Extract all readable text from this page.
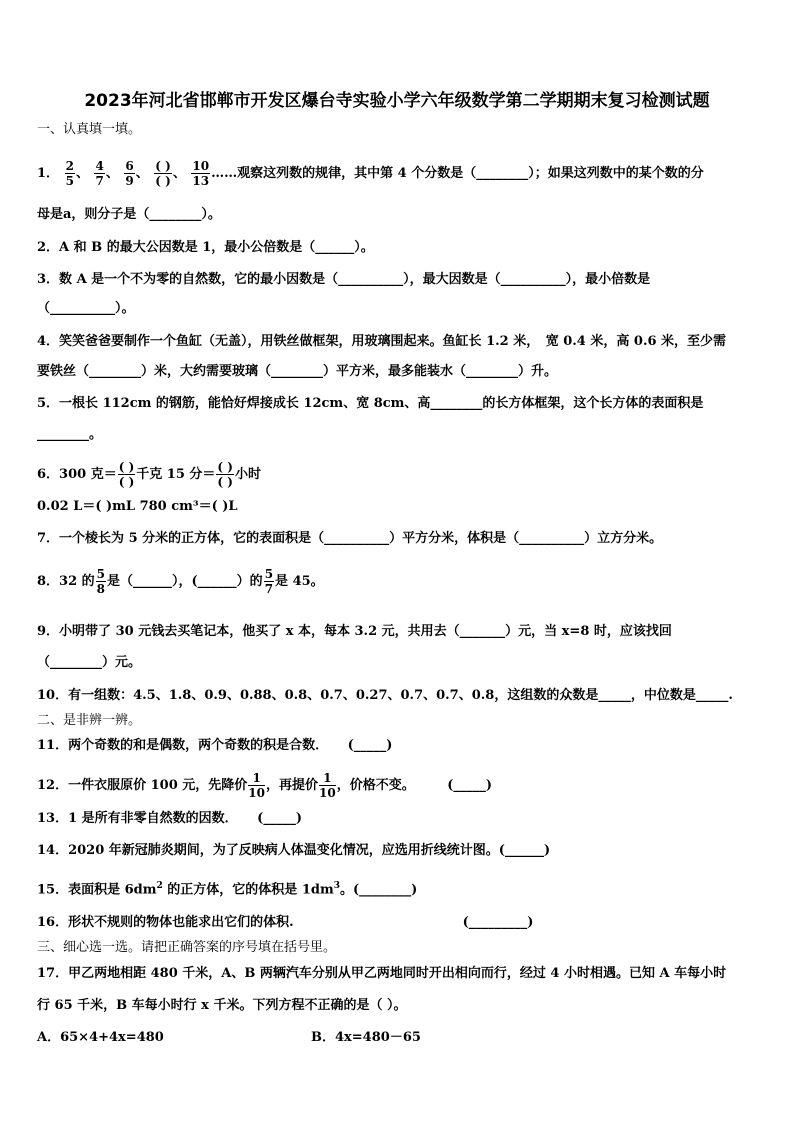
2023年河北省邯郸市开发区爆台寺实验小学六年级数学第二学期期末复习检测试题
一、认真填一填。
1． $\frac{2}{5}$ 、 $\frac{4}{7}$ 、 $\frac{6}{9}$ 、 $\frac{( )}{( )}$ 、 $\frac{10}{13}$ ……观察这列数的规律，其中第 4 个分数是（________）；如果这列数中的某个数的分
母是a，则分子是（________）。
2．A 和 B 的最大公因数是 1，最小公倍数是（______）。
3．数 A 是一个不为零的自然数，它的最小因数是（__________），最大因数是（__________），最小倍数是
（__________）。
4．笑笑爸爸要制作一个鱼缸（无盖），用铁丝做框架，用玻璃围起来。鱼缸长 1.2 米，　宽 0.4 米，高 0.6 米，至少需
要铁丝（________）米，大约需要玻璃（________）平方米，最多能装水（________）升。
5．一根长 112cm 的钢筋，能恰好焊接成长 12cm、宽 8cm、高________的长方体框架，这个长方体的表面积是
________。
6．300 克＝ $\frac{( )}{( )}$ 千克 15 分＝ $\frac{( )}{( )}$ 小时
0.02 L＝( )mL 780 cm³＝( )L
7．一个棱长为 5 分米的正方体，它的表面积是（__________）平方分米，体积是（__________）立方分米。
8．32 的 $\frac{5}{8}$ 是（______），(______）的 $\frac{5}{7}$ 是 45。
9．小明带了 30 元钱去买笔记本，他买了 x 本，每本 3.2 元，共用去（_______）元，当 x=8 时，应该找回
（________）元。
10．有一组数：4.5、1.8、0.9、0.88、0.8、0.7、0.27、0.7、0.7、0.8，这组数的众数是_____，中位数是_____.
二、是非辨一辨。
11．两个奇数的和是偶数，两个奇数的积是合数．　　(_____)
12．一件衣服原价 100 元，先降价 $\frac{1}{10}$ ，再提价 $\frac{1}{10}$ ，价格不变。　　　(_____)
13．1 是所有非零自然数的因数．　　(_____)
14．2020 年新冠肺炎期间，为了反映病人体温变化情况，应选用折线统计图。(______)
15．表面积是 $6dm^2$ 的正方体，它的体积是 $1dm^3$。(________)
16．形状不规则的物体也能求出它们的体积.　　　　　　　　　　　　　(_________)
三、细心选一选。请把正确答案的序号填在括号里。
17．甲乙两地相距 480 千米，A、B 两辆汽车分别从甲乙两地同时开出相向而行，经过 4 小时相遇。已知 A 车每小时
行 65 千米，B 车每小时行 x 千米。下列方程不正确的是（ ）。
A．65×4+4x=480	B．4x=480－65
